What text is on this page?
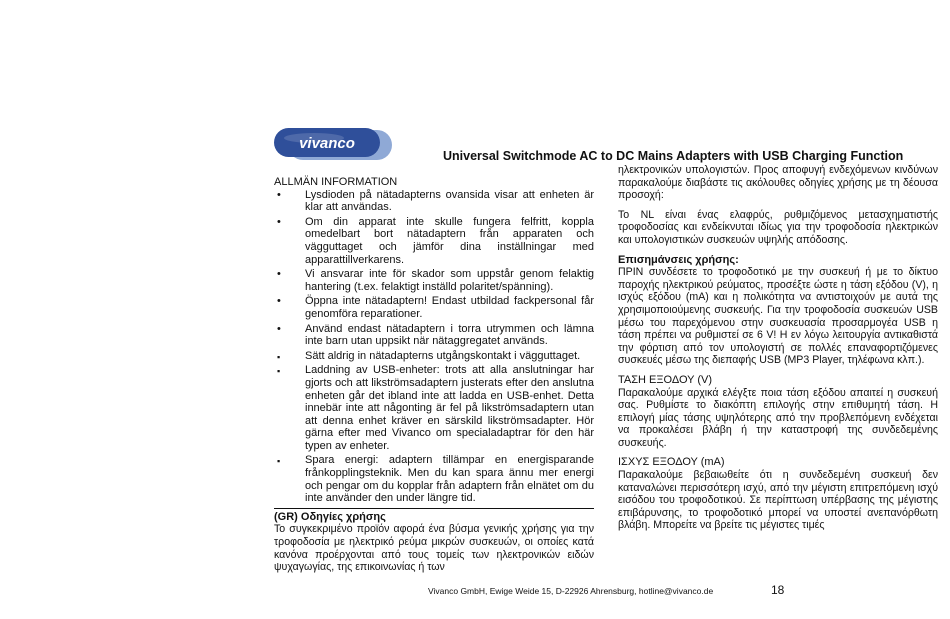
vivanco
Universal Switchmode AC to DC Mains Adapters with USB Charging Function
ALLMÄN INFORMATION
• Lysdioden på nätadapterns ovansida visar att enheten är klar att användas.
• Om din apparat inte skulle fungera felfritt, koppla omedelbart bort nätadaptern från apparaten och vägguttaget och jämför dina inställningar med apparattillverkarens.
• Vi ansvarar inte för skador som uppstår genom felaktig hantering (t.ex. felaktigt inställd polaritet/spänning).
• Öppna inte nätadaptern! Endast utbildad fackpersonal får genomföra reparationer.
• Använd endast nätadaptern i torra utrymmen och lämna inte barn utan uppsikt när nätaggregatet används.
▪ Sätt aldrig in nätadapterns utgångskontakt i vägguttaget.
▪ Laddning av USB-enheter: trots att alla anslutningar har gjorts och att likströmsadaptern justerats efter den anslutna enheten går det ibland inte att ladda en USB-enhet. Detta innebär inte att någonting är fel på likströmsadaptern utan att denna enhet kräver en särskild likströmsadapter. Hör gärna efter med Vivanco om specialadaptrar för den här typen av enheter.
▪ Spara energi: adaptern tillämpar en energisparande frånkopplingsteknik. Men du kan spara ännu mer energi och pengar om du kopplar från adaptern från elnätet om du inte använder den under längre tid.
(GR) Οδηγίες χρήσης
Το συγκεκριμένο προϊόν αφορά ένα βύσμα γενικής χρήσης για την τροφοδοσία με ηλεκτρικό ρεύμα μικρών συσκευών, οι οποίες κατά κανόνα προέρχονται από τους τομείς των ηλεκτρονικών ειδών ψυχαγωγίας, της επικοινωνίας ή των

ηλεκτρονικών υπολογιστών. Προς αποφυγή ενδεχόμενων κινδύνων παρακαλούμε διαβάστε τις ακόλουθες οδηγίες χρήσης με τη δέουσα προσοχή:

Το NL είναι ένας ελαφρύς, ρυθμιζόμενος μετασχηματιστής τροφοδοσίας και ενδείκνυται ιδίως για την τροφοδοσία ηλεκτρικών και υπολογιστικών συσκευών υψηλής απόδοσης.

Επισημάνσεις χρήσης:

ΠΡΙΝ συνδέσετε το τροφοδοτικό με την συσκευή ή με το δίκτυο παροχής ηλεκτρικού ρεύματος, προσέξτε ώστε η τάση εξόδου (V), η ισχύς εξόδου (mA) και η πολικότητα να αντιστοιχούν με αυτά της χρησιμοποιούμενης συσκευής. Για την τροφοδοσία συσκευών USB μέσω του παρεχόμενου στην συσκευασία προσαρμογέα USB η τάση πρέπει να ρυθμιστεί σε 6 V! Η εν λόγω λειτουργία αντικαθιστά την φόρτιση από τον υπολογιστή σε πολλές επαναφορτιζόμενες συσκευές μέσω της διεπαφής USB (MP3 Player, τηλέφωνα κλπ.).

ΤΑΣΗ ΕΞΟΔΟΥ (V)

Παρακαλούμε αρχικά ελέγξτε ποια τάση εξόδου απαιτεί η συσκευή σας. Ρυθμίστε το διακόπτη επιλογής στην επιθυμητή τάση. Η επιλογή μίας τάσης υψηλότερης από την προβλεπόμενη ενδέχεται να προκαλέσει βλάβη ή την καταστροφή της συνδεδεμένης συσκευής.

ΙΣΧΥΣ ΕΞΟΔΟΥ (mA)

Παρακαλούμε βεβαιωθείτε ότι η συνδεδεμένη συσκευή δεν καταναλώνει περισσότερη ισχύ, από την μέγιστη επιτρεπόμενη ισχύ εισόδου του τροφοδοτικού. Σε περίπτωση υπέρβασης της μέγιστης επιβάρυνσης, το τροφοδοτικό μπορεί να υποστεί ανεπανόρθωτη βλάβη. Μπορείτε να βρείτε τις μέγιστες τιμές

Vivanco GmbH, Ewige Weide 15, D-22926 Ahrensburg, hotline@vivanco.de	18
